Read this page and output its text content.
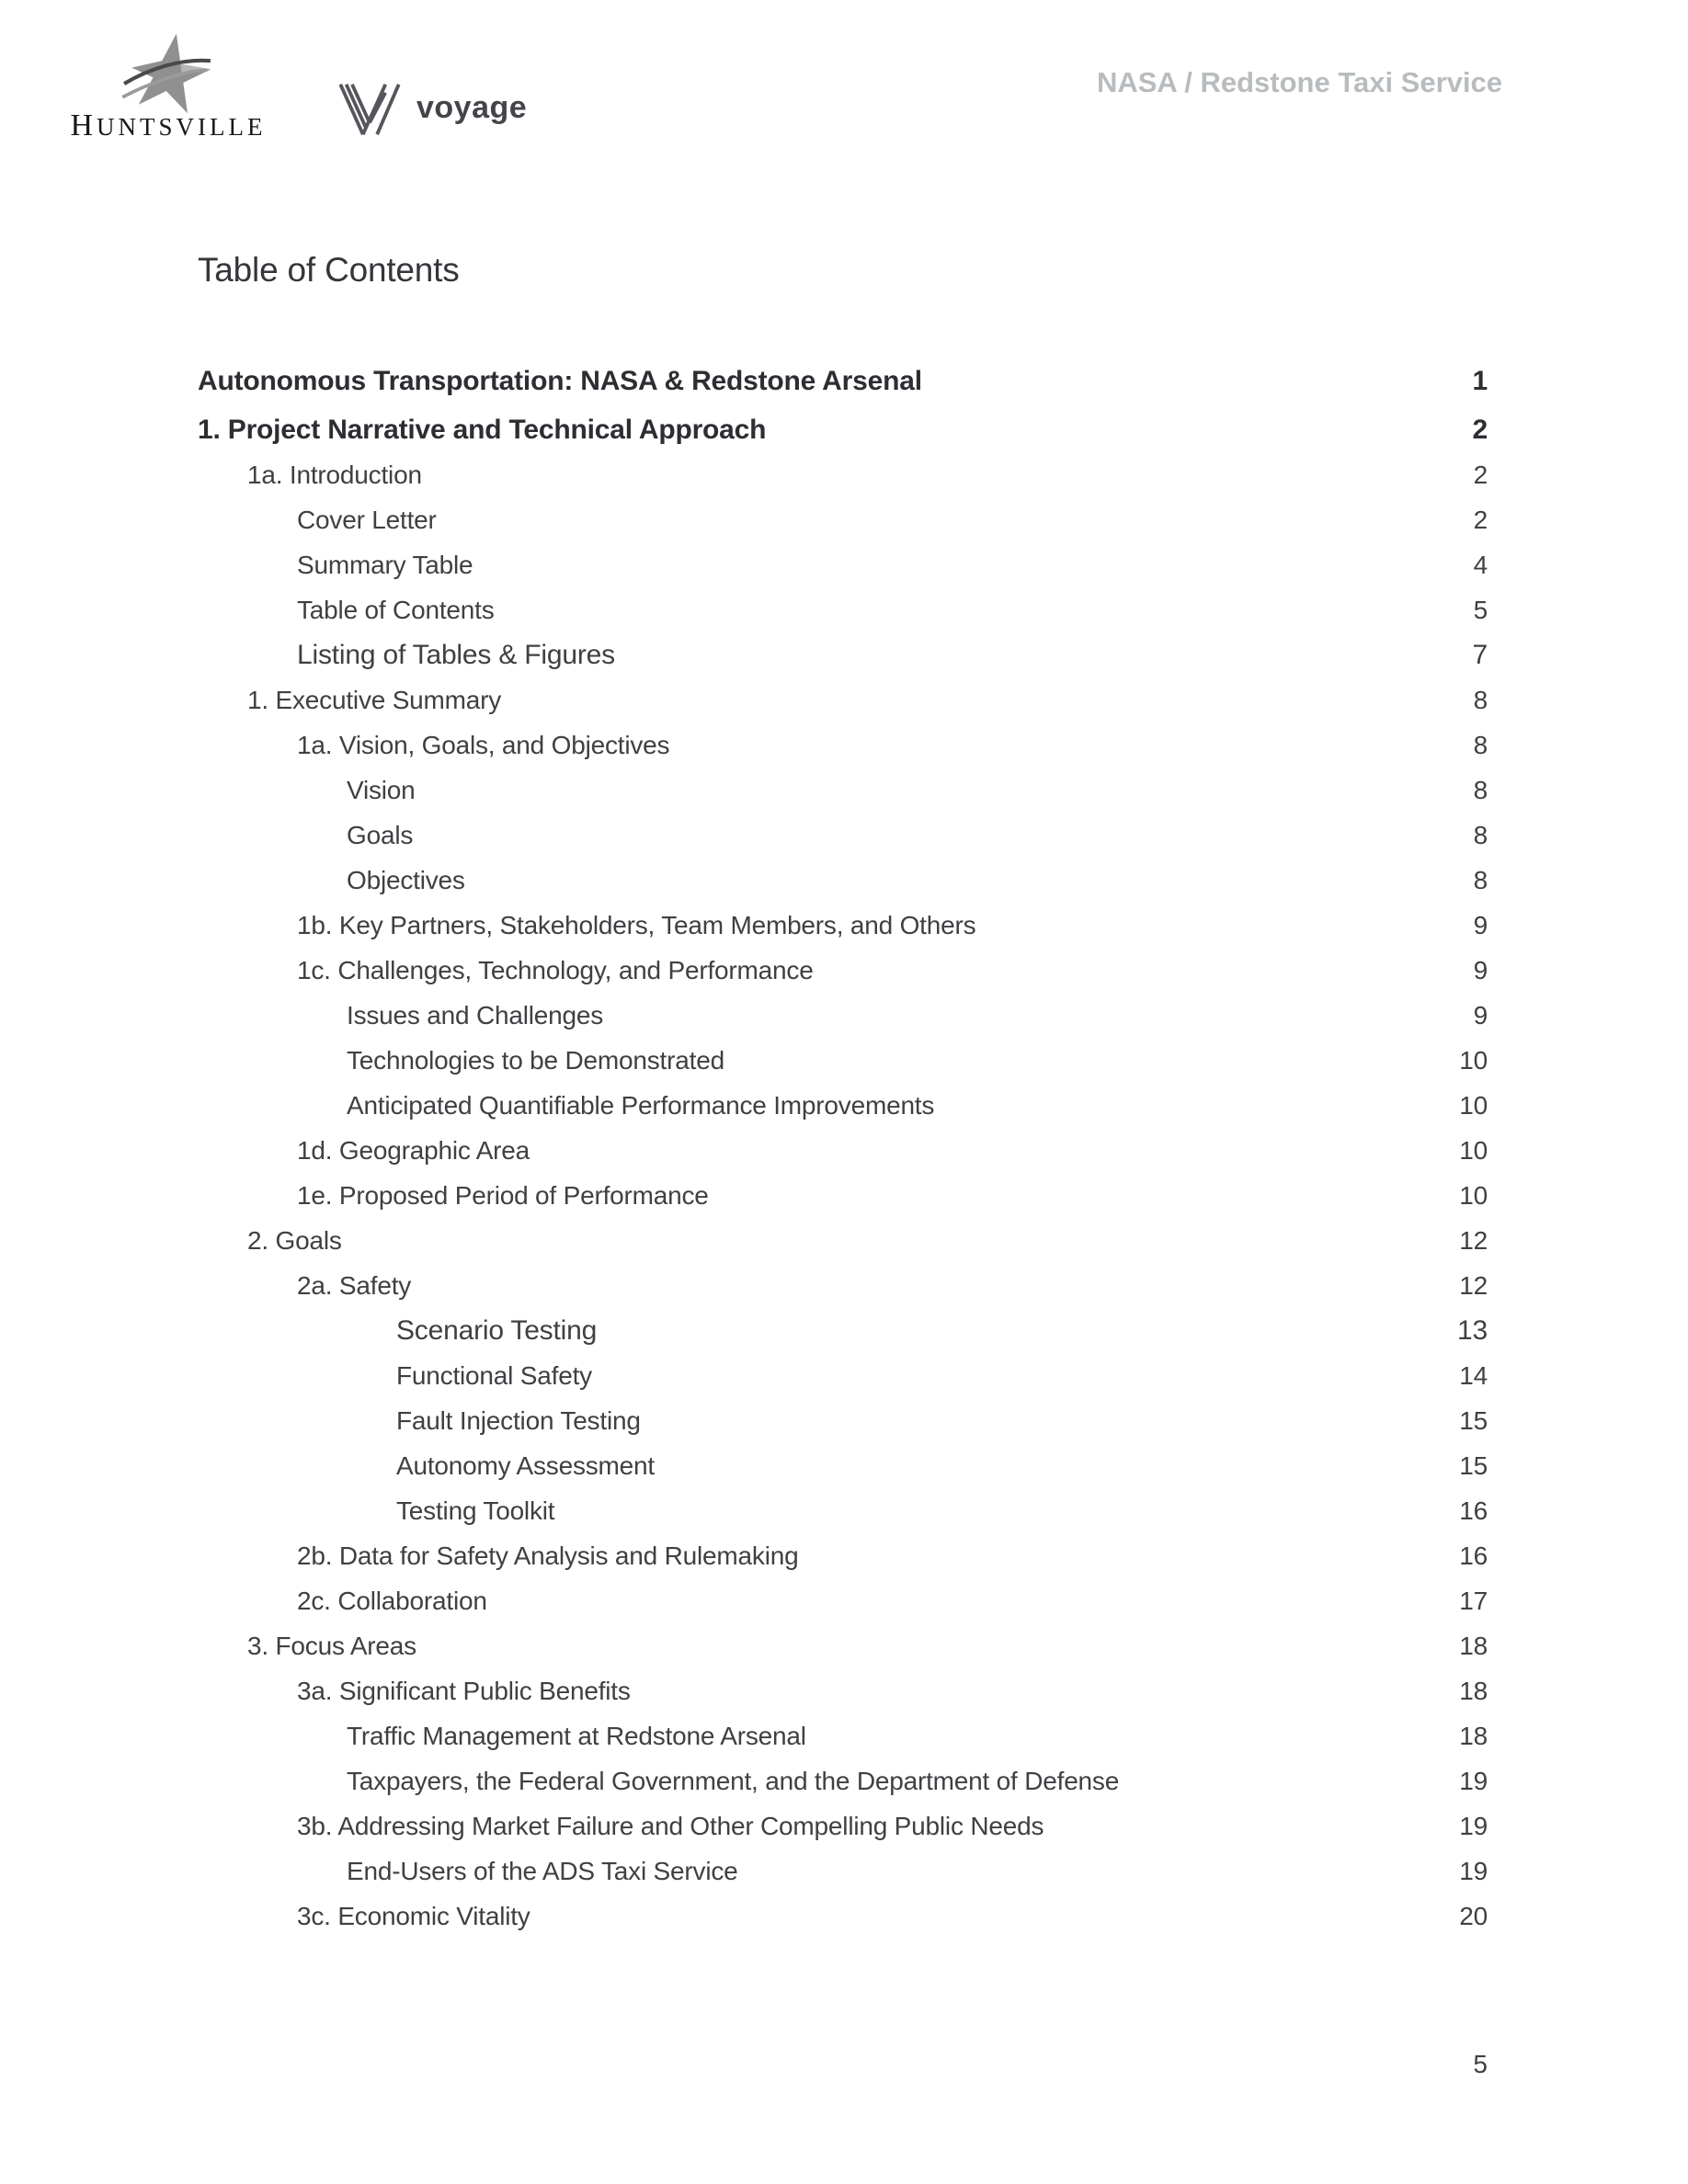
HUNTSVILLE
voyage
NASA / Redstone Taxi Service
Table of Contents
Autonomous Transportation: NASA & Redstone Arsenal	1
1. Project Narrative and Technical Approach	2
1a. Introduction	2
Cover Letter	2
Summary Table	4
Table of Contents	5
Listing of Tables & Figures	7
1. Executive Summary	8
1a. Vision, Goals, and Objectives	8
Vision	8
Goals	8
Objectives	8
1b. Key Partners, Stakeholders, Team Members, and Others	9
1c. Challenges, Technology, and Performance	9
Issues and Challenges	9
Technologies to be Demonstrated	10
Anticipated Quantifiable Performance Improvements	10
1d. Geographic Area	10
1e. Proposed Period of Performance	10
2. Goals	12
2a. Safety	12
Scenario Testing	13
Functional Safety	14
Fault Injection Testing	15
Autonomy Assessment	15
Testing Toolkit	16
2b. Data for Safety Analysis and Rulemaking	16
2c. Collaboration	17
3. Focus Areas	18
3a. Significant Public Benefits	18
Traffic Management at Redstone Arsenal	18
Taxpayers, the Federal Government, and the Department of Defense	19
3b. Addressing Market Failure and Other Compelling Public Needs	19
End-Users of the ADS Taxi Service	19
3c. Economic Vitality	20
5
